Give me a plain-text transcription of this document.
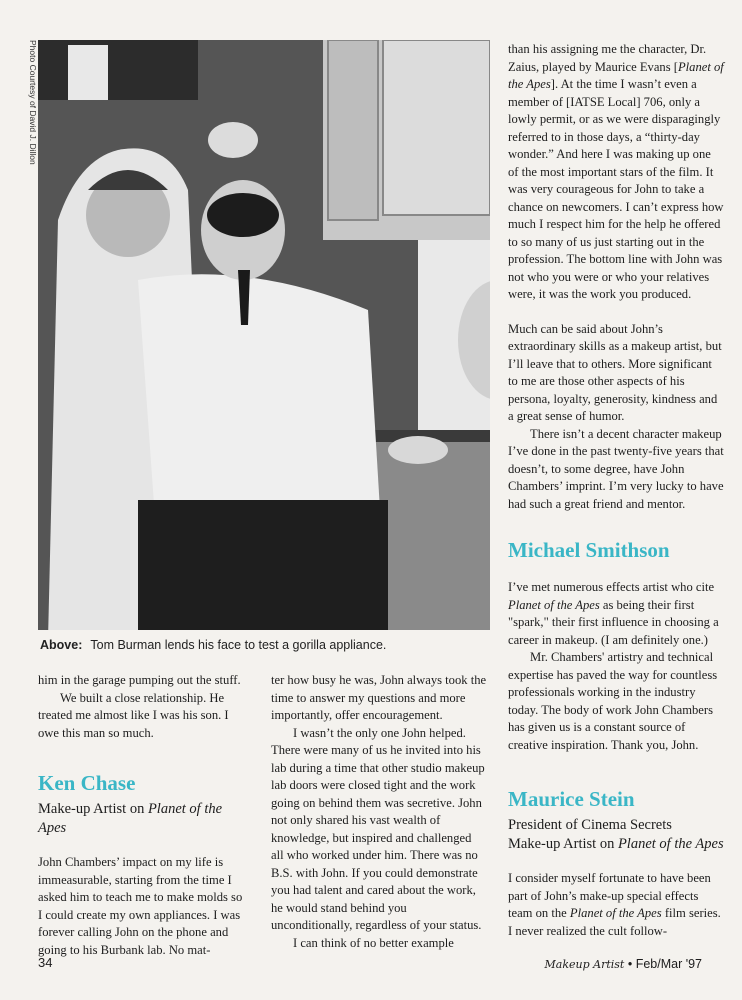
Photo Courtesy of David J. Dillon
Above: Tom Burman lends his face to test a gorilla appliance.

than his assigning me the character, Dr. Zaius, played by Maurice Evans [Planet of the Apes]. At the time I wasn’t even a member of [IATSE Local] 706, only a lowly permit, or as we were disparagingly referred to in those days, a “thirty-day wonder.” And here I was making up one of the most important stars of the film. It was very courageous for John to take a chance on newcomers. I can’t express how much I respect him for the help he offered to so many of us just starting out in the profession. The bottom line with John was not who you were or who your relatives were, it was the work you produced.

Much can be said about John’s extraordinary skills as a makeup artist, but I’ll leave that to others. More significant to me are those other aspects of his persona, loyalty, generosity, kindness and a great sense of humor.

There isn’t a decent character makeup I’ve done in the past twenty-five years that doesn’t, to some degree, have John Chambers’ imprint. I’m very lucky to have had such a great friend and mentor.

Michael Smithson

I’ve met numerous effects artist who cite Planet of the Apes as being their first "spark," their first influence in choosing a career in makeup. (I am definitely one.)

Mr. Chambers' artistry and technical expertise has paved the way for countless professionals working in the industry today. The body of work John Chambers has given us is a constant source of creative inspiration. Thank you, John.

Maurice Stein
President of Cinema Secrets
Make-up Artist on Planet of the Apes

I consider myself fortunate to have been part of John’s make-up special effects team on the Planet of the Apes film series. I never realized the cult follow-

him in the garage pumping out the stuff.

We built a close relationship. He treated me almost like I was his son. I owe this man so much.

Ken Chase
Make-up Artist on Planet of the Apes

John Chambers’ impact on my life is immeasurable, starting from the time I asked him to teach me to make molds so I could create my own appliances. I was forever calling John on the phone and going to his Burbank lab. No mat-

ter how busy he was, John always took the time to answer my questions and more importantly, offer encouragement.

I wasn’t the only one John helped. There were many of us he invited into his lab during a time that other studio makeup lab doors were closed tight and the work going on behind them was secretive. John not only shared his vast wealth of knowledge, but inspired and challenged all who worked under him. There was no B.S. with John. If you could demonstrate you had talent and cared about the work, he would stand behind you unconditionally, regardless of your status.

I can think of no better example

34	Makeup Artist • Feb/Mar '97
